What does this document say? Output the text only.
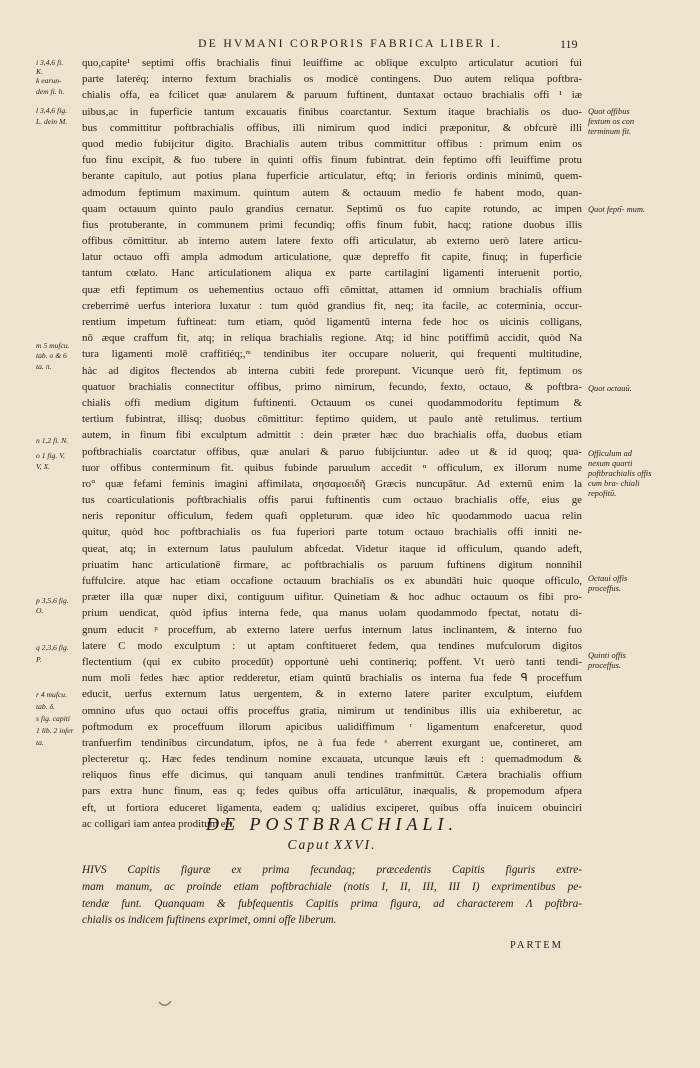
DE HVMANI CORPORIS FABRICA LIBER I.	119
i 3,4,6 fi.
K.
k earun-
dem fi. h.
l 3,4,6 fig.
L. dein M.
m 5 mufcu.
tab. o & 6
ta. π.
n 1,2 fi. N.
o 1 fig. V,
V, X.
p 3,5,6 fig.
O.
q 2,3,6 fig.
P.
r 4 mufcu.
tab. δ.
s fig. capiti
1 lib. 2 infer
ta.
quo,capite¹ septimi offis brachialis finui leuiffime ac oblique exculpto articulatur acutiori fui
parte lateréq; interno fextum brachialis os modicè contingens. Duo autem reliqua poftbra-
chialis offa, ea fcilicet quæ anularem & paruum fuftinent, duntaxat octauo brachialis offi ¹ iæ
uibus,ac in fuperficie tantum excauatis finibus coarctantur. Sextum itaque brachialis os duo-
bus committitur poftbrachialis offibus, illi nimirum quod indici præponitur, & obfcurè illi
quod medio fubijcitur digito. Brachialis autem tribus committitur offibus : primum enim os
fuo finu excipit, & fuo tubere in quinti offis finum fubintrat. dein feptimo offi leuiffime protu
berante capitulo, aut potius plana fuperficie articulatur, eftq; in ferioris ordinis minimū, quem-
admodum feptimum maximum. quintum autem & octauum medio fe habent modo, quan-
quam octauum quinto paulo grandius cernatur. Septimū os fuo capite rotundo, ac impen
fius protuberante, in communem primi fecundiq; offis finum fubit, hacq; ratione duobus illis
offibus cōmittitur. ab interno autem latere fexto offi articulatur, ab externo uerò latere articu-
latur octauo offi ampla admodum articulatione, quæ depreffo fit capite, finuq; in fuperficie
tantum cœlato. Hanc articulationem aliqua ex parte cartilagini ligamenti interuenit portio,
quæ etfi feptimum os uehementius octauo offi cōmittat, attamen id omnium brachialis offium
creberrimè uerfus interiora luxatur : tum quòd grandius fit, neq; ita facile, ac coterminia, occur-
rentium impetum fuftineat: tum etiam, quòd ligamentū interna fede hoc os uicinis colligans,
nō æque craffum fit, atq; in reliqua brachialis regione. Atq; id hinc potiffimū accidit, quòd Na
tura ligamenti molē craffitiéq;,ᵐ tendinibus iter occupare noluerit, qui frequenti multitudine,
hàc ad digitos flectendos ab interna cubiti fede prorepunt. Vicunque uerò fit, feptimum os
quatuor brachialis connectitur offibus, primo nimirum, fecundo, fexto, octauo, & poftbra-
chialis offi medium digitum fuftinenti. Octauum os cunei quodammodoritu feptimum &
tertium fubintrat, illisq; duobus cōmittitur: feptimo quidem, ut paulo antè retulimus. tertium
autem, in finum fibi exculptum admittit : dein præter hæc duo brachialis offa, duobus etiam
poftbrachialis coarctatur offibus, quæ anulari & paruo fubijciuntur. adeo ut & id quoq; qua-
tuor offibus conterminum fit. quibus fubinde paruulum accedit ⁿ officulum, ex illorum nume
ro° quæ fefami feminis imagini affimilata, σησαμοειδῆ Græcis nuncupātur. Ad externū enim la
tus coarticulationis poftbrachialis offis parui fuftinentis cum octauo brachialis offe, eius ge
neris reponitur officulum, fedem quafi oppleturum. quæ ideo hîc quodammodo uacua relin
quitur, quòd hoc poftbrachialis os fua fuperiori parte totum octauo brachialis offi inniti ne-
queat, atq; in externum latus paululum abfcedat. Videtur itaque id officulum, quando adeft,
priuatim hanc articulationē firmare, ac poftbrachialis os paruum fuftinens digitum nonnihil
fuffulcire. atque hac etiam occafione octauum brachialis os ex abundāti huic quoque officulo,
præter illa quæ nuper dixi, contiguum uifitur. Quinetiam & hoc adhuc octauum os fibi pro-
prium uendicat, quòd ipfius interna fede, qua manus uolam quodammodo fpectat, notatu di-
gnum educit ᵖ proceffum, ab externo latere uerfus internum latus inclinantem, & interno fuo
latere C modo exculptum : ut aptam conftitueret fedem, qua tendines mufculorum digitos
flectentium (qui ex cubito procedūt) opportunè uehi contineriq; poffent. Vt uerò tanti tendi-
num moli fedes hæc aptior redderetur, etiam quintū brachialis os interna fua fede ᑫ proceffum
educit, uerfus externum latus uergentem, & in externo latere pariter exculptum, eiufdem
omnino ufus quo octaui offis proceffus gratia, nimirum ut tendinibus illis uia exhiberetur, ac
poftmodum ex proceffuum illorum apicibus ualidiffimum ʳ ligamentum enafceretur, quod
tranfuerfim tendinibus circundatum, ipfos, ne à fua fede ˢ aberrent exurgant ue, contineret, am
plecteretur q;. Hæc fedes tendinum nomine excauata, utcunque læuis eft : quemadmodum &
reliquos finus effe dicimus, qui tanquam anuli tendines tranfmittūt. Cætera brachialis offium
pars extra hunc finum, eas q; fedes quibus offa articulātur, inæqualis, & propemodum afpera
eft, ut fortiora educeret ligamenta, eadem q; ualidius exciperet, quibus offa inuicem obuinciri
ac colligari iam antea proditum eft.
Quot offibus fextum os con terminum fit.
Quot feptī- mum.
Quot octauū.
Officulum ad nexum quarti poftbrachialis offis cum bra- chiali repofitū.
Octaui offis proceffus.
Quinti offis proceffus.
DE POSTBRACHIALI.
Caput XXVI.
HIVS Capitis figuræ ex prima fecundaq; præcedentis Capitis figuris extre-
mam manum, ac proinde etiam poftbrachiale (notis I, II, III, III I) exprimentibus pe-
tendæ funt. Quanquam & fubfequentis Capitis prima figura, ad characterem Λ poftbra-
chialis os indicem fuftinens exprimet, omni offe liberum.
PARTEM
